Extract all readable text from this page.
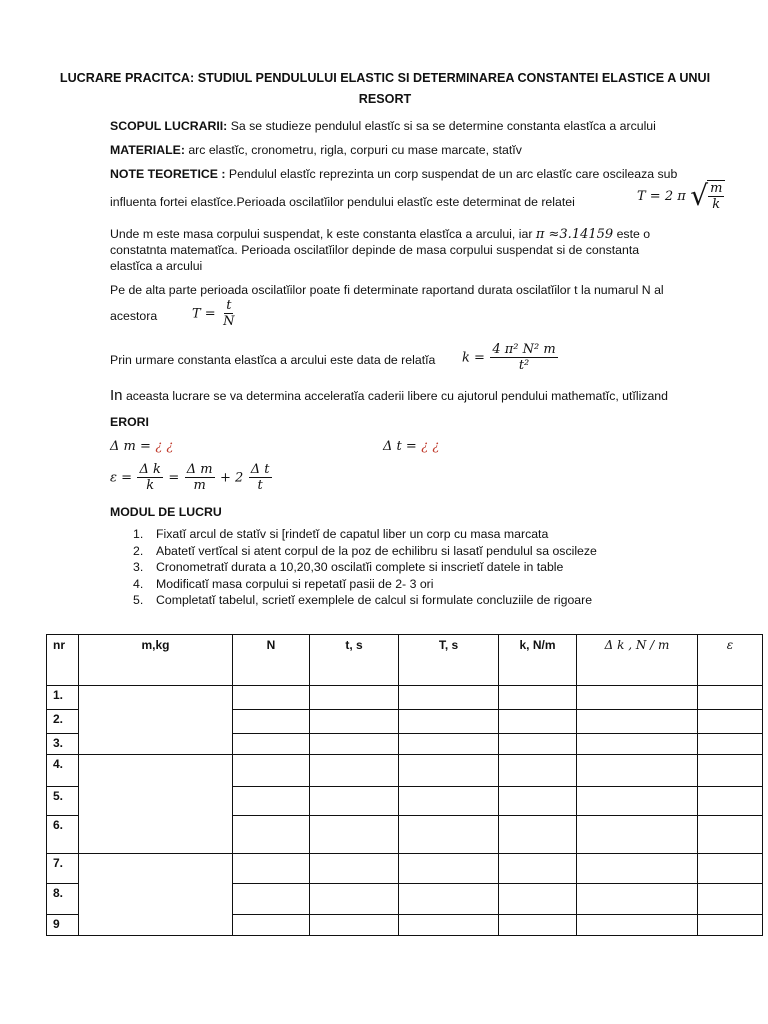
LUCRARE PRACITCA: STUDIUL PENDULULUI ELASTIC SI DETERMINAREA CONSTANTEI ELASTICE A UNUI RESORT
SCOPUL LUCRARII: Sa se studieze pendulul elastĭc si sa se determine constanta elastĭca a arcului
MATERIALE: arc elastĭc, cronometru, rigla, corpuri cu mase marcate, statĭv
NOTE TEORETICE : Pendulul elastĭc reprezinta un corp suspendat de un arc elastĭc care oscileaza sub
influenta fortei elastĭce.Perioada oscilatĭilor pendului elastĭc este determinat de relatei	T = 2 π √ $\frac{m}{k}$
Unde m este masa corpului suspendat, k este constanta elastĭca a arcului, iar π ≈3.14159 este o
constatnta matematĭca. Perioada oscilatĭilor depinde de masa corpului suspendat si de constanta
elastĭca a arcului
Pe de alta parte perioada oscilatĭilor poate fi determinate raportand durata oscilatĭilor t la numarul N al
acestora	$T = \frac{t}{N}$
Prin urmare constanta elastĭca a arcului este data de relatĭa $k = \frac{\text{4 π² N² m}}{\text{t²}}$
In aceasta lucrare se va determina acceleratĭa caderii libere cu ajutorul pendului mathematĭc, utĭlizand
ERORI
Δ m = ¿ ¿	Δ t = ¿ ¿
$\varepsilon = \frac{\text{Δ k}}{k} = \frac{\text{Δ m}}{m} + 2 \frac{\text{Δ t}}{t}$
MODUL DE LUCRU
1. Fixatĭ arcul de statĭv si [rindetĭ de capatul liber un corp cu masa marcata
2. Abatetĭ vertĭcal si atent corpul de la poz de echilibru si lasatĭ pendulul sa oscileze
3. Cronometratĭ durata a 10,20,30 oscilatĭi complete si inscrietĭ datele in table
4. Modificatĭ masa corpului si repetatĭ pasii de 2- 3 ori
5. Completatĭ tabelul, scrietĭ exemplele de calcul si formulate concluziile de rigoare
nr	m,kg	N	t, s	T, s	k, N/m	Δ k , N / m	ε
1.							
2.							
3.							
4.							
5.							
6.							
7.							
8.							
9							
